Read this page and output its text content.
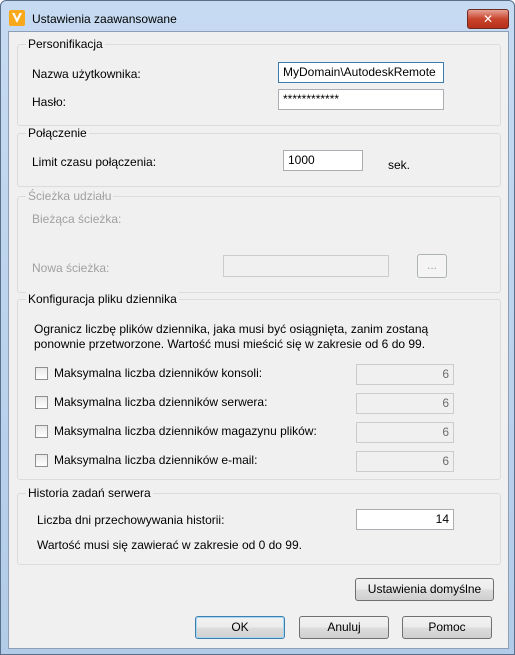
Ustawienia zaawansowane	✕
Personifikacja
Nazwa użytkownika:	MyDomain\AutodeskRemote
Hasło:	************
Połączenie
Limit czasu połączenia:	1000	sek.
Ścieżka udziału
Bieżąca ścieżka:
Nowa ścieżka:	...
Konfiguracja pliku dziennika
Ogranicz liczbę plików dziennika, jaka musi być osiągnięta, zanim zostaną
ponownie przetworzone. Wartość musi mieścić się w zakresie od 6 do 99.
Maksymalna liczba dzienników konsoli:	6
Maksymalna liczba dzienników serwera:	6
Maksymalna liczba dzienników magazynu plików:	6
Maksymalna liczba dzienników e-mail:	6
Historia zadań serwera
Liczba dni przechowywania historii:	14
Wartość musi się zawierać w zakresie od 0 do 99.
Ustawienia domyślne
OK	Anuluj	Pomoc
